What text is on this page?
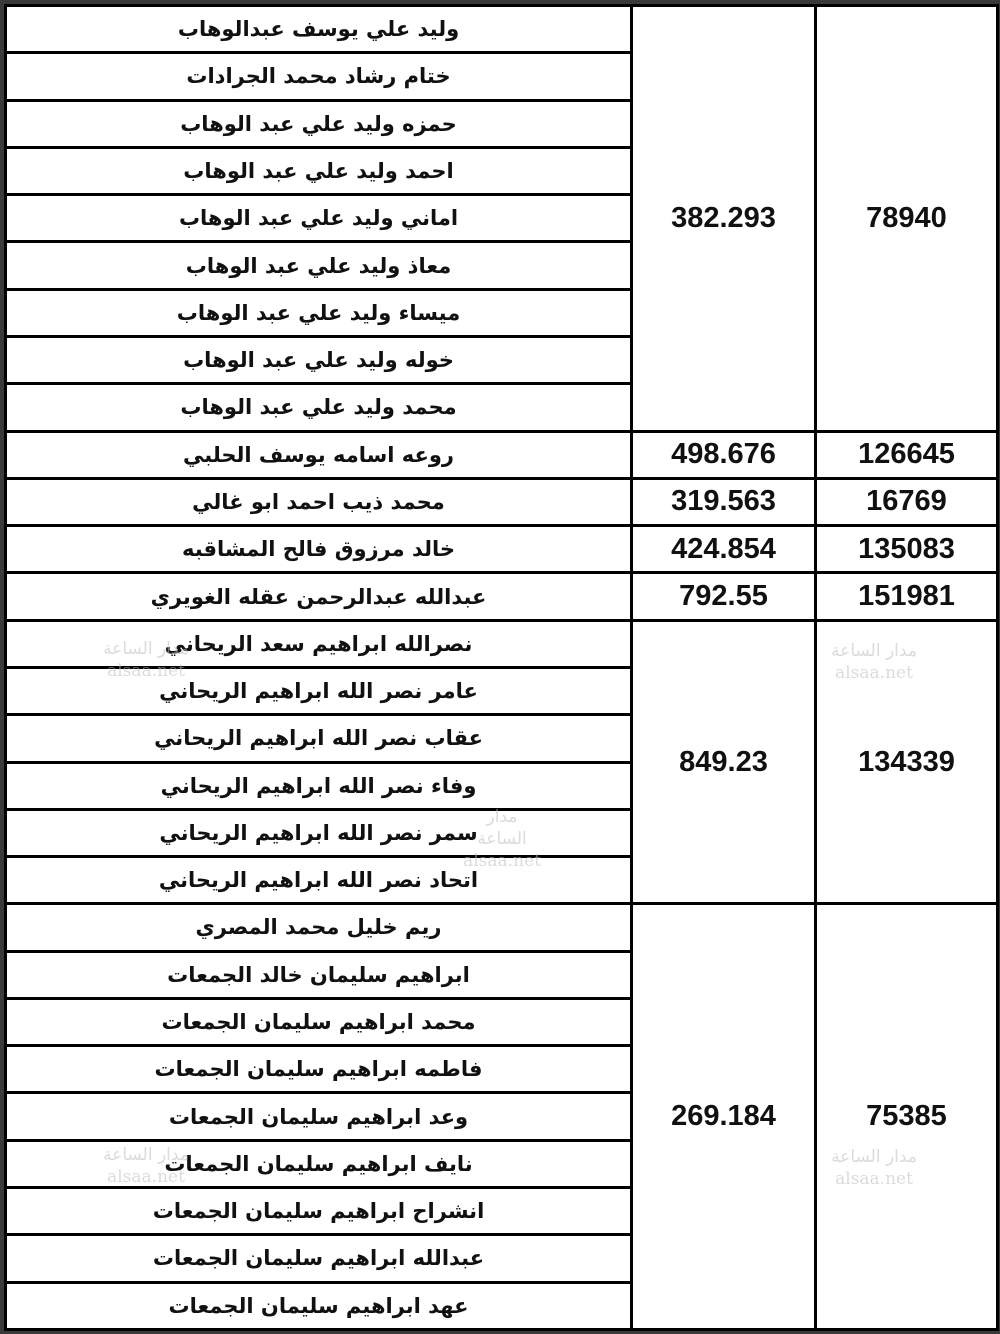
وليد علي يوسف عبدالوهاب	382.293	78940
ختام رشاد محمد الجرادات		
حمزه وليد علي عبد الوهاب		
احمد وليد علي عبد الوهاب		
اماني وليد علي عبد الوهاب		
معاذ وليد علي عبد الوهاب		
ميساء وليد علي عبد الوهاب		
خوله وليد علي عبد الوهاب		
محمد وليد علي عبد الوهاب		
روعه اسامه يوسف الحلبي	498.676	126645
محمد ذيب احمد ابو غالي	319.563	16769
خالد مرزوق فالح المشاقبه	424.854	135083
عبدالله عبدالرحمن عقله الغويري	792.55	151981
نصرالله ابراهيم سعد الريحاني	849.23	134339
عامر نصر الله ابراهيم الريحاني		
عقاب نصر الله ابراهيم الريحاني		
وفاء نصر الله ابراهيم الريحاني		
سمر نصر الله ابراهيم الريحاني		
اتحاد نصر الله ابراهيم الريحاني		
ريم خليل محمد المصري	269.184	75385
ابراهيم سليمان خالد الجمعات		
محمد ابراهيم سليمان الجمعات		
فاطمه ابراهيم سليمان الجمعات		
وعد ابراهيم سليمان الجمعات		
نايف ابراهيم سليمان الجمعات		
انشراح ابراهيم سليمان الجمعات		
عبدالله ابراهيم سليمان الجمعات		
عهد ابراهيم سليمان الجمعات		
مدار الساعة
alsaa.net
مدار الساعة
alsaa.net
مدار الساعة
alsaa.net
مدار الساعة
alsaa.net
مدار الساعة
alsaa.net
